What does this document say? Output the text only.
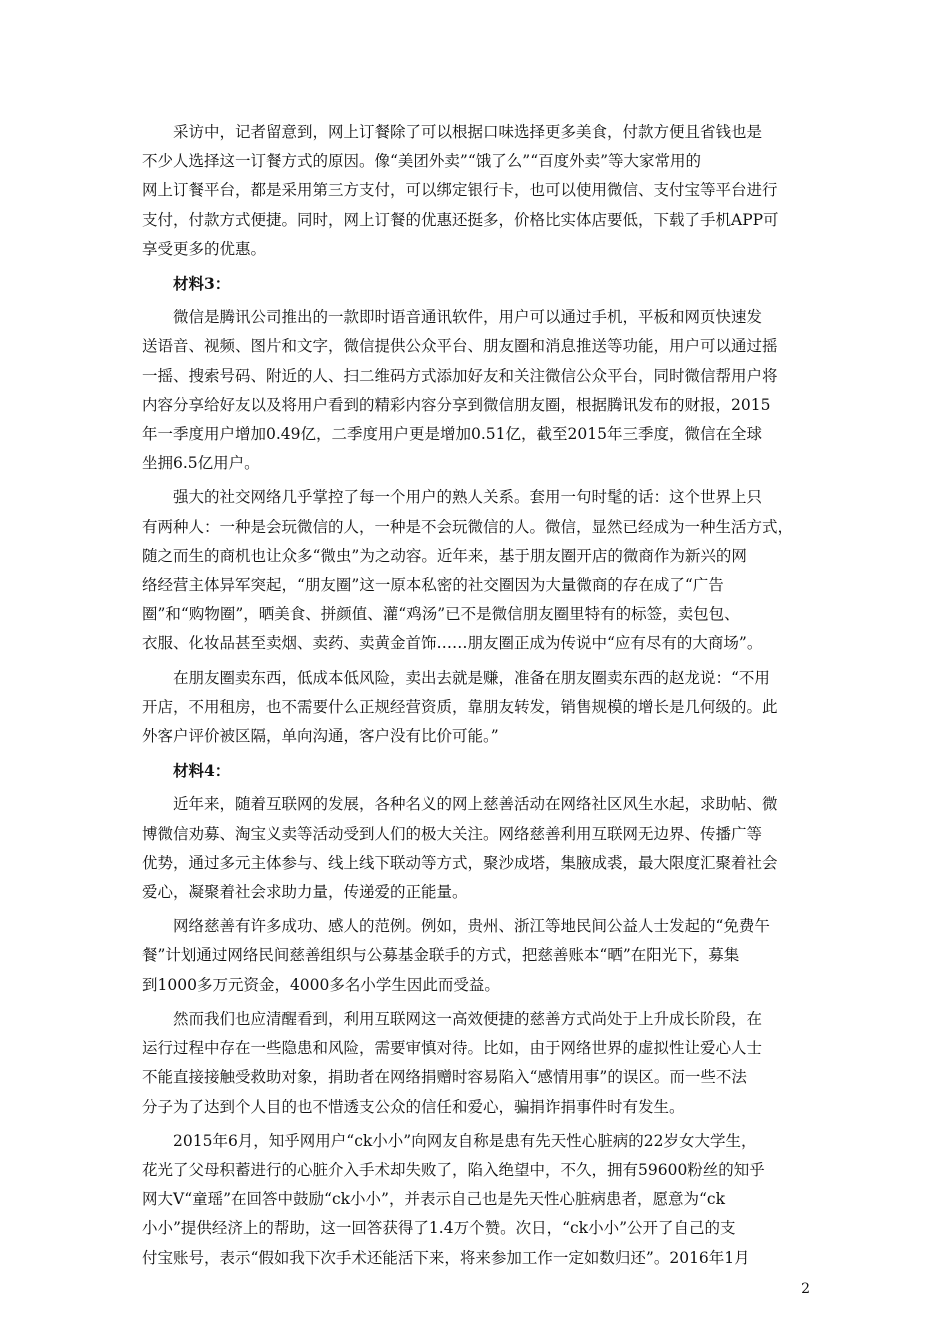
采访中，记者留意到，网上订餐除了可以根据口味选择更多美食，付款方便且省钱也是
不少人选择这一订餐方式的原因。像“美团外卖”“饿了么”“百度外卖”等大家常用的
网上订餐平台，都是采用第三方支付，可以绑定银行卡，也可以使用微信、支付宝等平台进行
支付，付款方式便捷。同时，网上订餐的优惠还挺多，价格比实体店要低，下载了手机APP可
享受更多的优惠。

材料3：

微信是腾讯公司推出的一款即时语音通讯软件，用户可以通过手机，平板和网页快速发
送语音、视频、图片和文字，微信提供公众平台、朋友圈和消息推送等功能，用户可以通过摇
一摇、搜索号码、附近的人、扫二维码方式添加好友和关注微信公众平台，同时微信帮用户将
内容分享给好友以及将用户看到的精彩内容分享到微信朋友圈，根据腾讯发布的财报，2015
年一季度用户增加0.49亿，二季度用户更是增加0.51亿，截至2015年三季度，微信在全球
坐拥6.5亿用户。

强大的社交网络几乎掌控了每一个用户的熟人关系。套用一句时髦的话：这个世界上只
有两种人：一种是会玩微信的人，一种是不会玩微信的人。微信，显然已经成为一种生活方式，
随之而生的商机也让众多“微虫”为之动容。近年来，基于朋友圈开店的微商作为新兴的网
络经营主体异军突起，“朋友圈”这一原本私密的社交圈因为大量微商的存在成了“广告
圈”和“购物圈”，晒美食、拼颜值、灌“鸡汤”已不是微信朋友圈里特有的标签，卖包包、
衣服、化妆品甚至卖烟、卖药、卖黄金首饰……朋友圈正成为传说中“应有尽有的大商场”。

在朋友圈卖东西，低成本低风险，卖出去就是赚，准备在朋友圈卖东西的赵龙说：“不用
开店，不用租房，也不需要什么正规经营资质，靠朋友转发，销售规模的增长是几何级的。此
外客户评价被区隔，单向沟通，客户没有比价可能。”

材料4：

近年来，随着互联网的发展，各种名义的网上慈善活动在网络社区风生水起，求助帖、微
博微信劝募、淘宝义卖等活动受到人们的极大关注。网络慈善利用互联网无边界、传播广等
优势，通过多元主体参与、线上线下联动等方式，聚沙成塔，集腋成裘，最大限度汇聚着社会
爱心，凝聚着社会求助力量，传递爱的正能量。

网络慈善有许多成功、感人的范例。例如，贵州、浙江等地民间公益人士发起的“免费午
餐”计划通过网络民间慈善组织与公募基金联手的方式，把慈善账本“晒”在阳光下，募集
到1000多万元资金，4000多名小学生因此而受益。

然而我们也应清醒看到，利用互联网这一高效便捷的慈善方式尚处于上升成长阶段，在
运行过程中存在一些隐患和风险，需要审慎对待。比如，由于网络世界的虚拟性让爱心人士
不能直接接触受救助对象，捐助者在网络捐赠时容易陷入“感情用事”的误区。而一些不法
分子为了达到个人目的也不惜透支公众的信任和爱心，骗捐诈捐事件时有发生。

2015年6月，知乎网用户“ck小小”向网友自称是患有先天性心脏病的22岁女大学生，
花光了父母积蓄进行的心脏介入手术却失败了，陷入绝望中，不久，拥有59600粉丝的知乎
网大V“童瑶”在回答中鼓励“ck小小”，并表示自己也是先天性心脏病患者，愿意为“ck
小小”提供经济上的帮助，这一回答获得了1.4万个赞。次日，“ck小小”公开了自己的支
付宝账号，表示“假如我下次手术还能活下来，将来参加工作一定如数归还”。2016年1月

2
